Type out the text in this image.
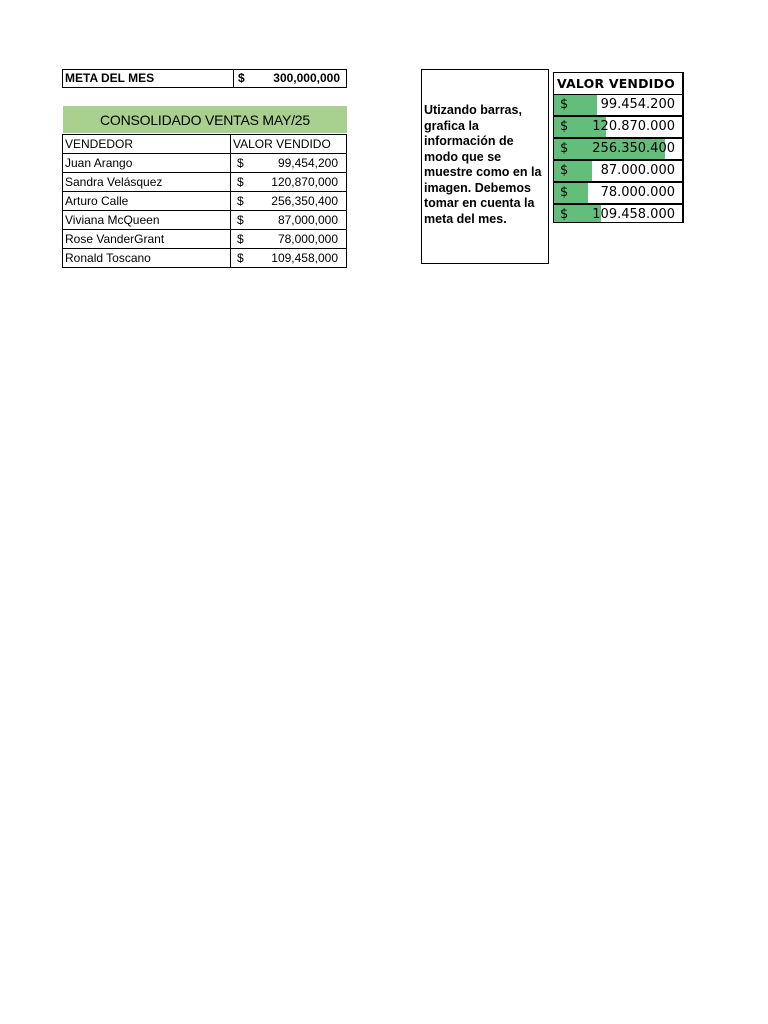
META DEL MES	$	300,000,000
CONSOLIDADO VENTAS MAY/25
VENDEDOR	VALOR VENDIDO
Juan Arango	$ 99,454,200

Sandra Velásquez	$ 120,870,000

Arturo Calle	$ 256,350,400

Viviana McQueen	$ 87,000,000

Rose VanderGrant	$ 78,000,000

Ronald Toscano	$ 109,458,000
Utizando barras, grafica la información de modo que se muestre como en la imagen. Debemos tomar en cuenta la meta del mes.
VALOR VENDIDO
$ 99.454.200
$ 120.870.000
$ 256.350.400
$ 87.000.000
$ 78.000.000
$ 109.458.000
